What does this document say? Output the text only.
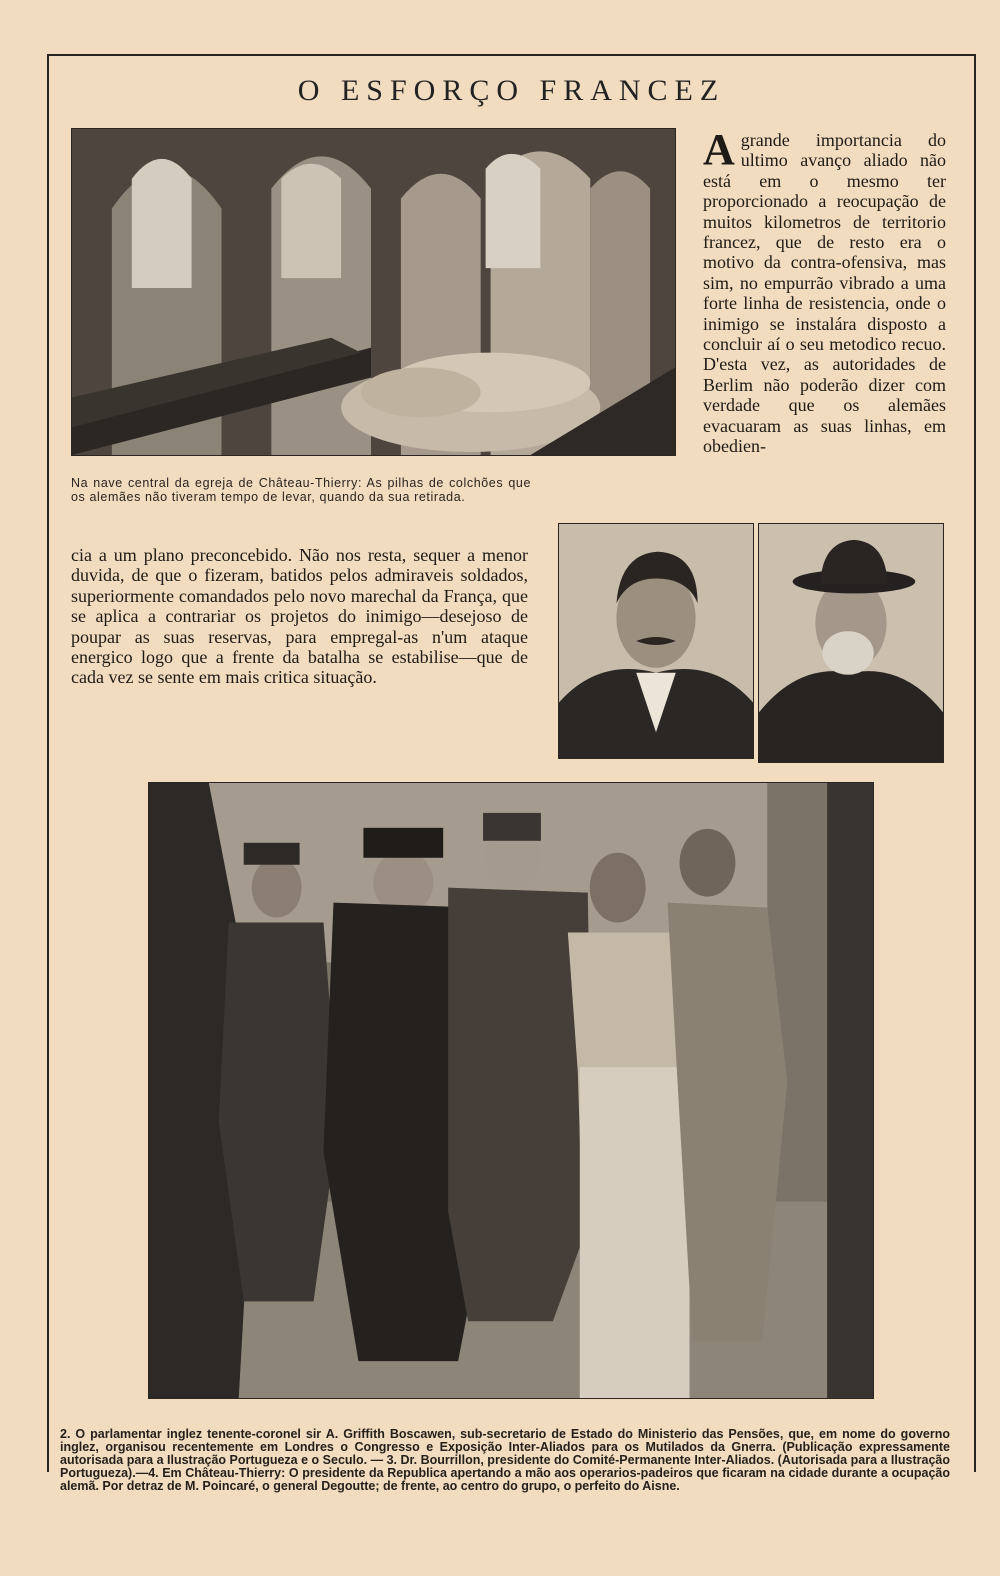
O ESFORÇO FRANCEZ
Na nave central da egreja de Château-Thierry: As pilhas de colchões que os alemães não tiveram tempo de levar, quando da sua retirada.
Agrande importancia do ultimo avanço aliado não está em o mesmo ter proporcionado a reocupação de muitos kilometros de territorio francez, que de resto era o motivo da contra-ofensiva, mas sim, no empurrão vibrado a uma forte linha de resistencia, onde o inimigo se instalára disposto a concluir aí o seu metodico recuo. D'esta vez, as autoridades de Berlim não poderão dizer com verdade que os alemães evacuaram as suas linhas, em obedien-
cia a um plano preconcebido. Não nos resta, sequer a menor duvida, de que o fizeram, batidos pelos admiraveis soldados, superiormente comandados pelo novo marechal da França, que se aplica a contrariar os projetos do inimigo—desejoso de poupar as suas reservas, para empregal-as n'um ataque energico logo que a frente da batalha se estabilise—que de cada vez se sente em mais critica situação.
2. O parlamentar inglez tenente-coronel sir A. Griffith Boscawen, sub-secretario de Estado do Ministerio das Pensões, que, em nome do governo inglez, organisou recentemente em Londres o Congresso e Exposição Inter-Aliados para os Mutilados da Gnerra. (Publicação expressamente autorisada para a Ilustração Portugueza e o Seculo. — 3. Dr. Bourrillon, presidente do Comité-Permanente Inter-Aliados. (Autorisada para a Ilustração Portugueza).—4. Em Château-Thierry: O presidente da Republica apertando a mão aos operarios-padeiros que ficaram na cidade durante a ocupação alemã. Por detraz de M. Poincaré, o general Degoutte; de frente, ao centro do grupo, o perfeito do Aisne.
